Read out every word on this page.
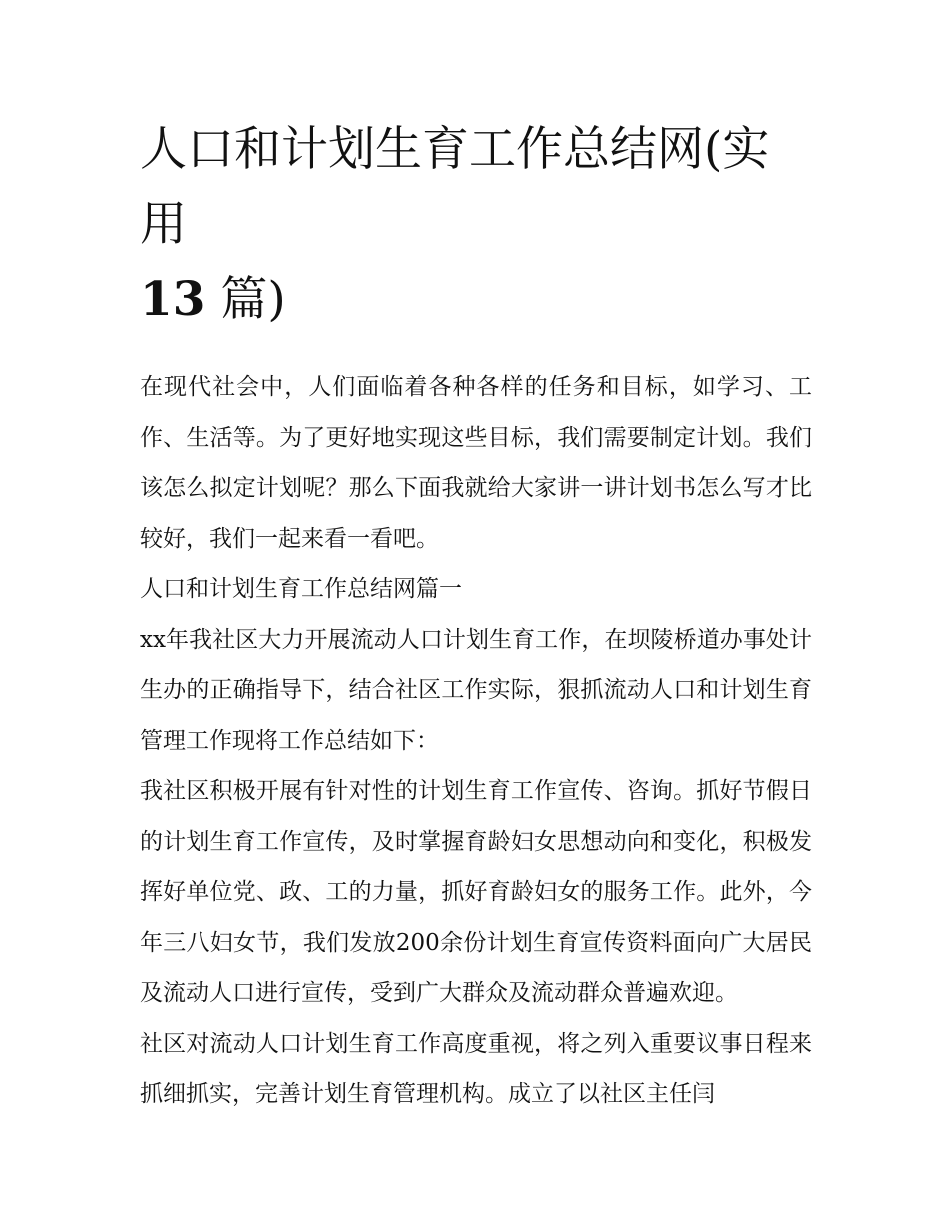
人口和计划生育工作总结网(实用
13 篇)

在现代社会中，人们面临着各种各样的任务和目标，如学习、工作、生活等。为了更好地实现这些目标，我们需要制定计划。我们该怎么拟定计划呢？那么下面我就给大家讲一讲计划书怎么写才比较好，我们一起来看一看吧。

人口和计划生育工作总结网篇一

xx年我社区大力开展流动人口计划生育工作，在坝陵桥道办事处计生办的正确指导下，结合社区工作实际，狠抓流动人口和计划生育管理工作现将工作总结如下：

我社区积极开展有针对性的计划生育工作宣传、咨询。抓好节假日的计划生育工作宣传，及时掌握育龄妇女思想动向和变化，积极发挥好单位党、政、工的力量，抓好育龄妇女的服务工作。此外，今年三八妇女节，我们发放200余份计划生育宣传资料面向广大居民及流动人口进行宣传，受到广大群众及流动群众普遍欢迎。

社区对流动人口计划生育工作高度重视，将之列入重要议事日程来抓细抓实，完善计划生育管理机构。成立了以社区主任闫
